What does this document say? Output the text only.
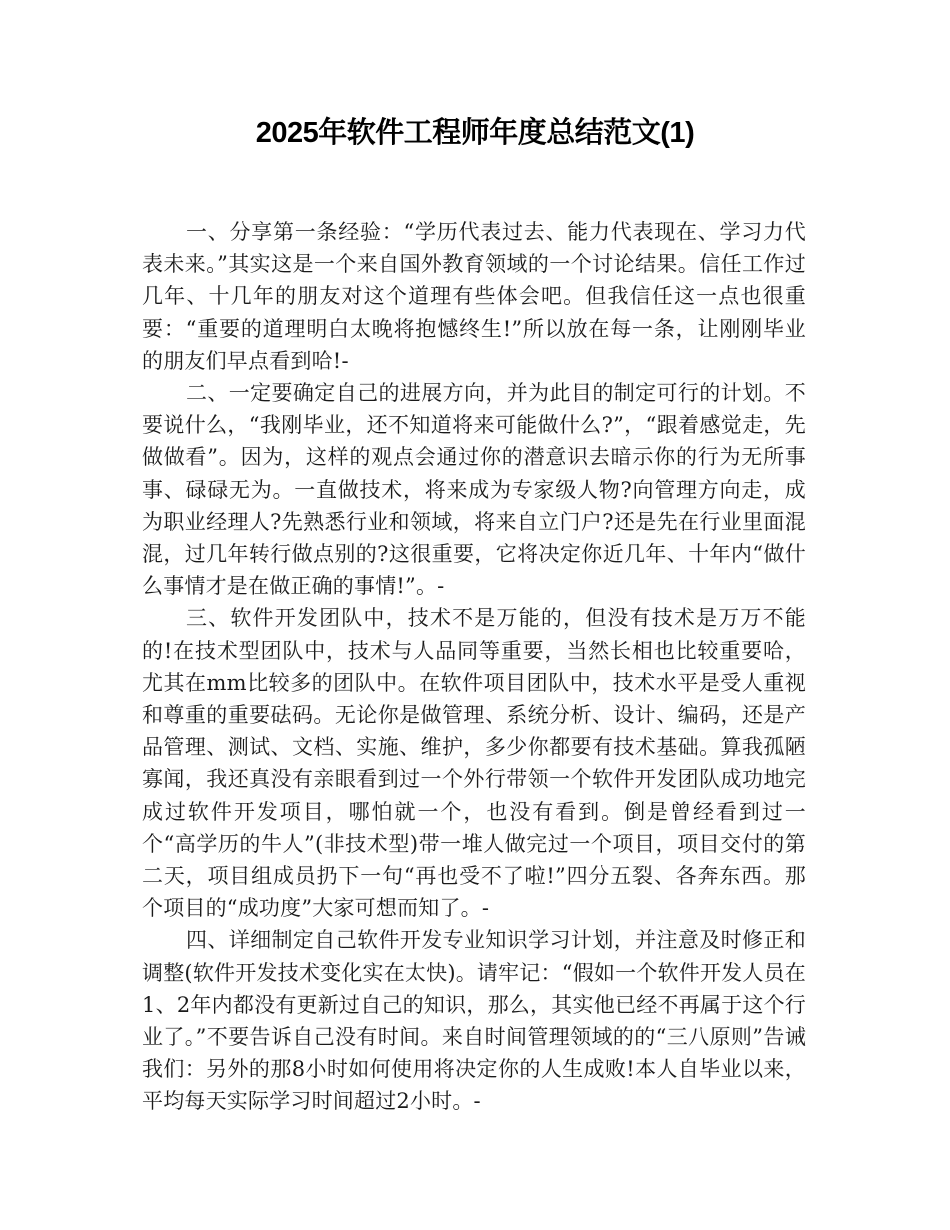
2025年软件工程师年度总结范文(1)

一、分享第一条经验：“学历代表过去、能力代表现在、学习力代表未来。”其实这是一个来自国外教育领域的一个讨论结果。信任工作过几年、十几年的朋友对这个道理有些体会吧。但我信任这一点也很重要：“重要的道理明白太晚将抱憾终生!”所以放在每一条，让刚刚毕业的朋友们早点看到哈!-

二、一定要确定自己的进展方向，并为此目的制定可行的计划。不要说什么，“我刚毕业，还不知道将来可能做什么?”，“跟着感觉走，先做做看”。因为，这样的观点会通过你的潜意识去暗示你的行为无所事事、碌碌无为。一直做技术，将来成为专家级人物?向管理方向走，成为职业经理人?先熟悉行业和领域，将来自立门户?还是先在行业里面混混，过几年转行做点别的?这很重要，它将决定你近几年、十年内“做什么事情才是在做正确的事情!”。-

三、软件开发团队中，技术不是万能的，但没有技术是万万不能的!在技术型团队中，技术与人品同等重要，当然长相也比较重要哈，尤其在mm比较多的团队中。在软件项目团队中，技术水平是受人重视和尊重的重要砝码。无论你是做管理、系统分析、设计、编码，还是产品管理、测试、文档、实施、维护，多少你都要有技术基础。算我孤陋寡闻，我还真没有亲眼看到过一个外行带领一个软件开发团队成功地完成过软件开发项目，哪怕就一个，也没有看到。倒是曾经看到过一个“高学历的牛人”(非技术型)带一堆人做完过一个项目，项目交付的第二天，项目组成员扔下一句“再也受不了啦!”四分五裂、各奔东西。那个项目的“成功度”大家可想而知了。-

四、详细制定自己软件开发专业知识学习计划，并注意及时修正和调整(软件开发技术变化实在太快)。请牢记：“假如一个软件开发人员在1、2年内都没有更新过自己的知识，那么，其实他已经不再属于这个行业了。”不要告诉自己没有时间。来自时间管理领域的的“三八原则”告诫我们：另外的那8小时如何使用将决定你的人生成败!本人自毕业以来，平均每天实际学习时间超过2小时。-
